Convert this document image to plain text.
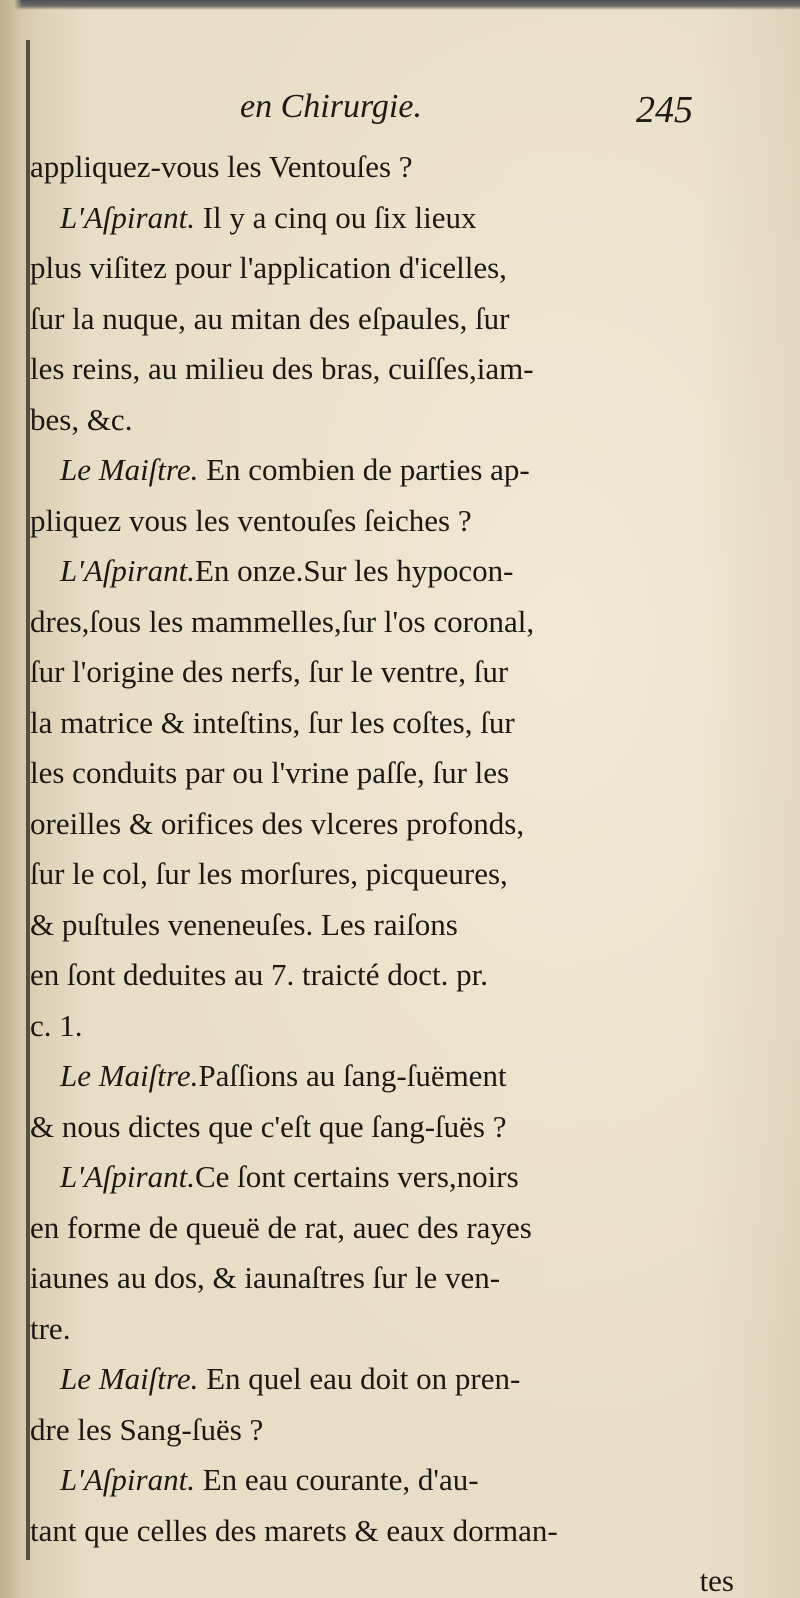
en Chirurgie.	245
appliquez-vous les Ventouſes ?
L'Aſpirant. Il y a cinq ou ſix lieux
plus viſitez pour l'application d'icelles,
ſur la nuque, au mitan des eſpaules, ſur
les reins, au milieu des bras, cuiſſes,iam-
bes, &c.
Le Maiſtre. En combien de parties ap-
pliquez vous les ventouſes ſeiches ?
L'Aſpirant.En onze.Sur les hypocon-
dres,ſous les mammelles,ſur l'os coronal,
ſur l'origine des nerfs, ſur le ventre, ſur
la matrice & inteſtins, ſur les coſtes, ſur
les conduits par ou l'vrine paſſe, ſur les
oreilles & orifices des vlceres profonds,
ſur le col, ſur les morſures, picqueures,
& puſtules veneneuſes. Les raiſons
en ſont deduites au 7. traicté doct. pr.
c. 1.
Le Maiſtre.Paſſions au ſang-ſuëment
& nous dictes que c'eſt que ſang-ſuës ?
L'Aſpirant.Ce ſont certains vers,noirs
en forme de queuë de rat, auec des rayes
iaunes au dos, & iaunaſtres ſur le ven-
tre.
Le Maiſtre. En quel eau doit on pren-
dre les Sang-ſuës ?
L'Aſpirant. En eau courante, d'au-
tant que celles des marets & eaux dorman-
tes
